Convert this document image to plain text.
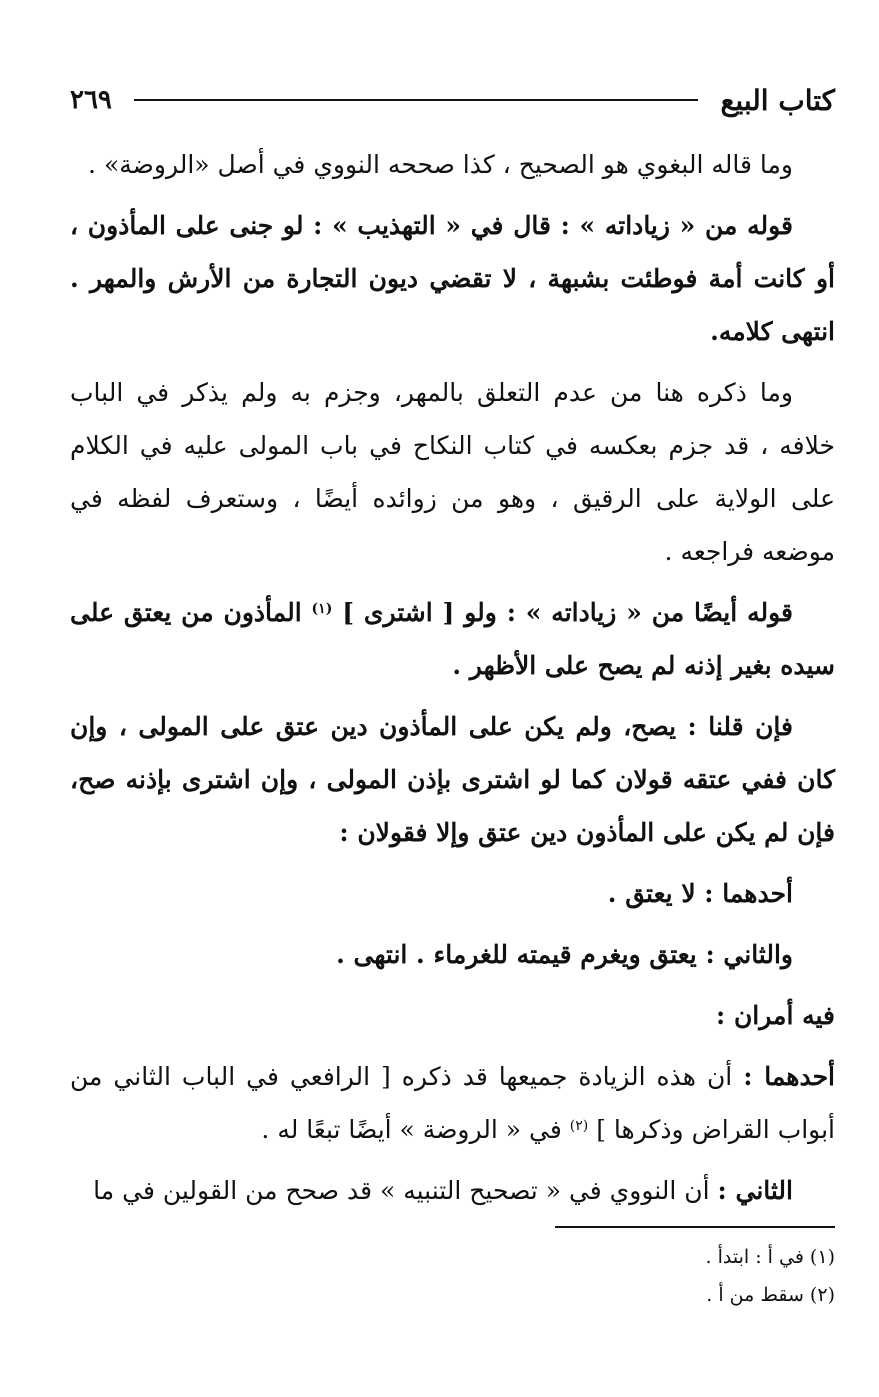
كتاب البيع
٢٦٩

وما قاله البغوي هو الصحيح ، كذا صححه النووي في أصل «الروضة» .

قوله من « زياداته » : قال في « التهذيب » : لو جنى على المأذون ، أو كانت أمة فوطئت بشبهة ، لا تقضي ديون التجارة من الأرش والمهر . انتهى كلامه.

وما ذكره هنا من عدم التعلق بالمهر، وجزم به ولم يذكر في الباب خلافه ، قد جزم بعكسه في كتاب النكاح في باب المولى عليه في الكلام على الولاية على الرقيق ، وهو من زوائده أيضًا ، وستعرف لفظه في موضعه فراجعه .

قوله أيضًا من « زياداته » : ولو [ اشترى ] $^{(١)}$ المأذون من يعتق على سيده بغير إذنه لم يصح على الأظهر .

فإن قلنا : يصح، ولم يكن على المأذون دين عتق على المولى ، وإن كان ففي عتقه قولان كما لو اشترى بإذن المولى ، وإن اشترى بإذنه صح، فإن لم يكن على المأذون دين عتق وإلا فقولان :

أحدهما : لا يعتق .

والثاني : يعتق ويغرم قيمته للغرماء . انتهى .

فيه أمران :

أحدهما : أن هذه الزيادة جميعها قد ذكره [ الرافعي في الباب الثاني من أبواب القراض وذكرها ] $^{(٢)}$ في « الروضة » أيضًا تبعًا له .

الثاني : أن النووي في « تصحيح التنبيه » قد صحح من القولين في ما

(١) في أ : ابتدأ .

(٢) سقط من أ .
